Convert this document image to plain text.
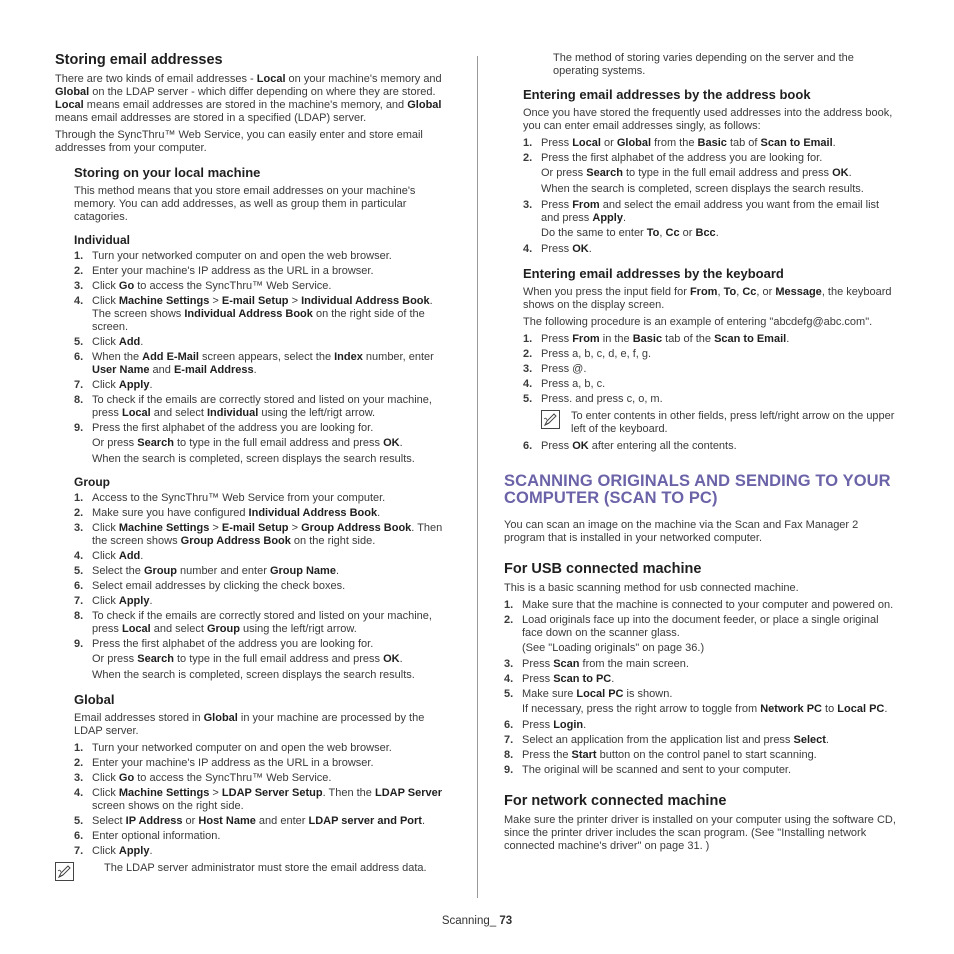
Storing email addresses
There are two kinds of email addresses - Local on your machine's memory and Global on the LDAP server - which differ depending on where they are stored. Local means email addresses are stored in the machine's memory, and Global means email addresses are stored in a specified (LDAP) server.
Through the SyncThru™ Web Service, you can easily enter and store email addresses from your computer.
Storing on your local machine
This method means that you store email addresses on your machine's memory. You can add addresses, as well as group them in particular catagories.
Individual
1. Turn your networked computer on and open the web browser.
2. Enter your machine's IP address as the URL in a browser.
3. Click Go to access the SyncThru™ Web Service.
4. Click Machine Settings > E-mail Setup > Individual Address Book. The screen shows Individual Address Book on the right side of the screen.
5. Click Add.
6. When the Add E-Mail screen appears, select the Index number, enter User Name and E-mail Address.
7. Click Apply.
8. To check if the emails are correctly stored and listed on your machine, press Local and select Individual using the left/rigt arrow.
9. Press the first alphabet of the address you are looking for.
Or press Search to type in the full email address and press OK.
When the search is completed, screen displays the search results.
Group
1. Access to the SyncThru™ Web Service from your computer.
2. Make sure you have configured Individual Address Book.
3. Click Machine Settings > E-mail Setup > Group Address Book. Then the screen shows Group Address Book on the right side.
4. Click Add.
5. Select the Group number and enter Group Name.
6. Select email addresses by clicking the check boxes.
7. Click Apply.
8. To check if the emails are correctly stored and listed on your machine, press Local and select Group using the left/rigt arrow.
9. Press the first alphabet of the address you are looking for.
Or press Search to type in the full email address and press OK.
When the search is completed, screen displays the search results.
Global
Email addresses stored in Global in your machine are processed by the LDAP server.
1. Turn your networked computer on and open the web browser.
2. Enter your machine's IP address as the URL in a browser.
3. Click Go to access the SyncThru™ Web Service.
4. Click Machine Settings > LDAP Server Setup. Then the LDAP Server screen shows on the right side.
5. Select IP Address or Host Name and enter LDAP server and Port.
6. Enter optional information.
7. Click Apply.
The LDAP server administrator must store the email address data.
The method of storing varies depending on the server and the operating systems.
Entering email addresses by the address book
Once you have stored the frequently used addresses into the address book, you can enter email addresses singly, as follows:
1. Press Local or Global from the Basic tab of Scan to Email.
2. Press the first alphabet of the address you are looking for.
Or press Search to type in the full email address and press OK.
When the search is completed, screen displays the search results.
3. Press From and select the email address you want from the email list and press Apply.
Do the same to enter To, Cc or Bcc.
4. Press OK.
Entering email addresses by the keyboard
When you press the input field for From, To, Cc, or Message, the keyboard shows on the display screen.
The following procedure is an example of entering "abcdefg@abc.com".
1. Press From in the Basic tab of the Scan to Email.
2. Press a, b, c, d, e, f, g.
3. Press @.
4. Press a, b, c.
5. Press. and press c, o, m.
To enter contents in other fields, press left/right arrow on the upper left of the keyboard.
6. Press OK after entering all the contents.
SCANNING ORIGINALS AND SENDING TO YOUR COMPUTER (SCAN TO PC)
You can scan an image on the machine via the Scan and Fax Manager 2 program that is installed in your networked computer.
For USB connected machine
This is a basic scanning method for usb connected machine.
1. Make sure that the machine is connected to your computer and powered on.
2. Load originals face up into the document feeder, or place a single original face down on the scanner glass.
(See "Loading originals" on page 36.)
3. Press Scan from the main screen.
4. Press Scan to PC.
5. Make sure Local PC is shown.
If necessary, press the right arrow to toggle from Network PC to Local PC.
6. Press Login.
7. Select an application from the application list and press Select.
8. Press the Start button on the control panel to start scanning.
9. The original will be scanned and sent to your computer.
For network connected machine
Make sure the printer driver is installed on your computer using the software CD, since the printer driver includes the scan program. (See "Installing network connected machine's driver" on page 31. )
Scanning_ 73
